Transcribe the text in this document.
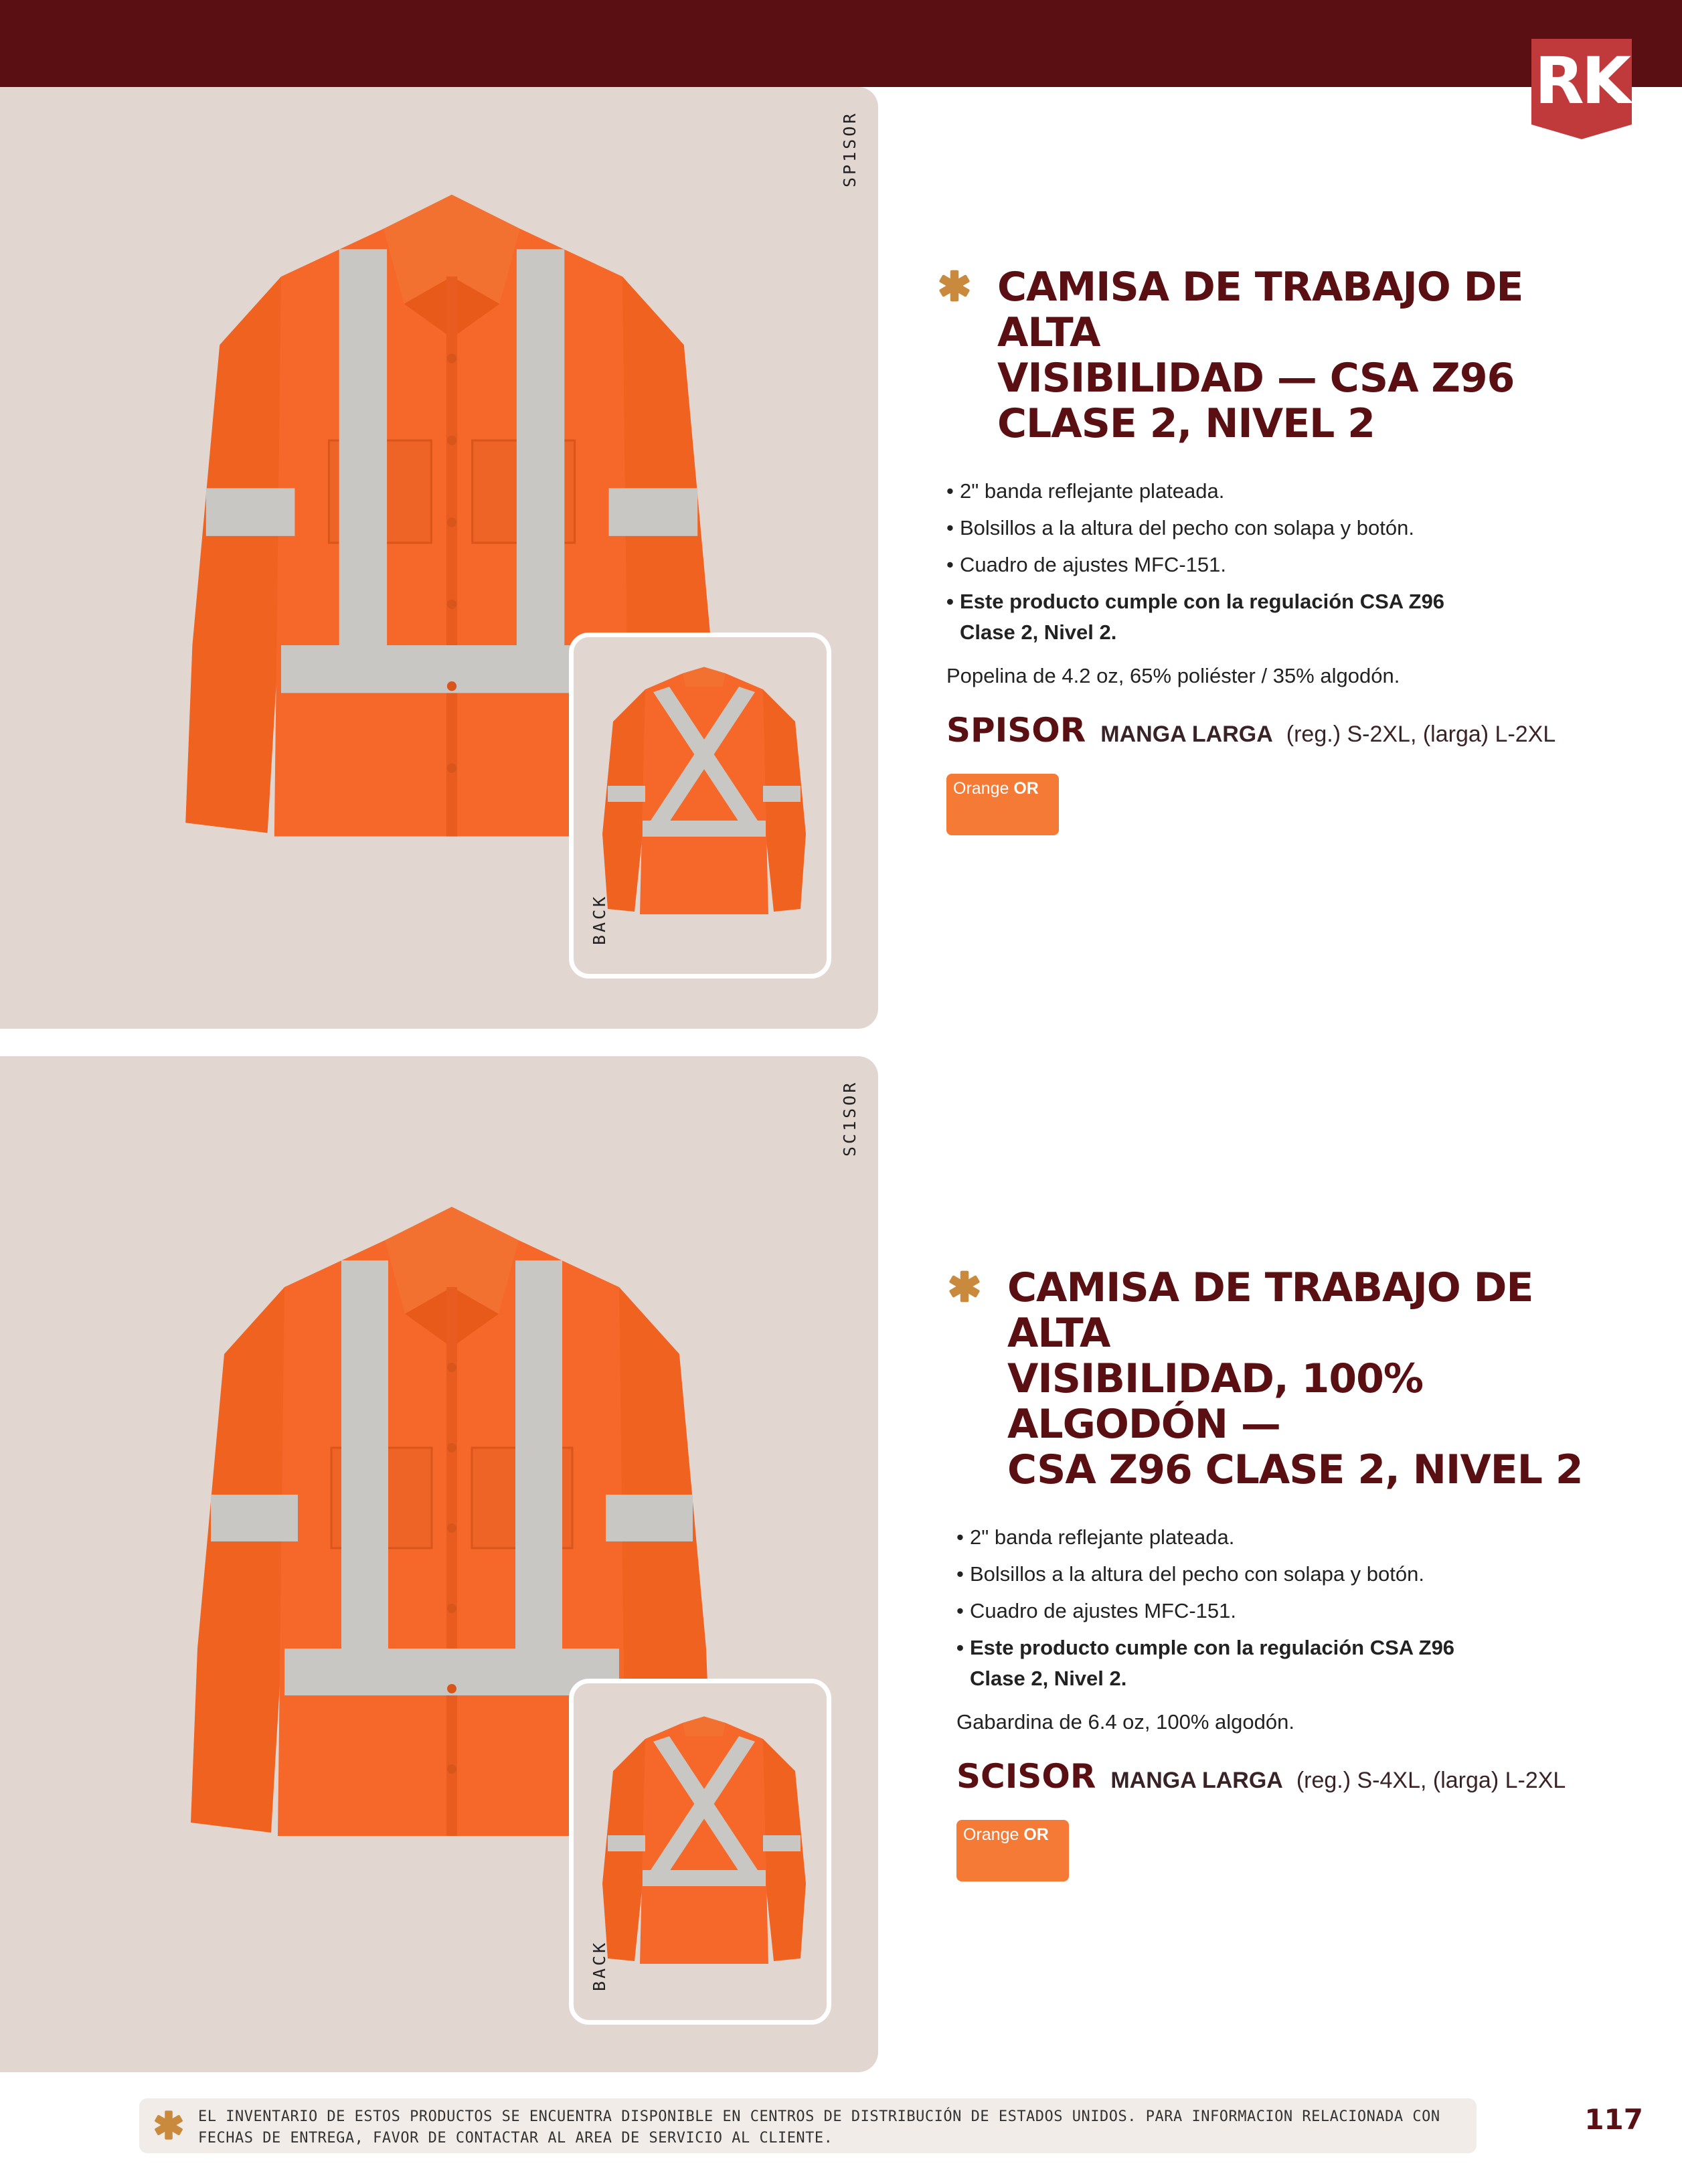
RK
SP1SOR
BACK
CAMISA DE TRABAJO DE ALTA
VISIBILIDAD — CSA Z96
CLASE 2, NIVEL 2
• 2" banda reflejante plateada.
• Bolsillos a la altura del pecho con solapa y botón.
• Cuadro de ajustes MFC-151.
• Este producto cumple con la regulación CSA Z96
Clase 2, Nivel 2.
Popelina de 4.2 oz, 65% poliéster / 35% algodón.
SPISOR MANGA LARGA (reg.) S-2XL, (larga) L-2XL
Orange OR
SC1SOR
BACK
CAMISA DE TRABAJO DE ALTA
VISIBILIDAD, 100% ALGODÓN —
CSA Z96 CLASE 2, NIVEL 2
• 2" banda reflejante plateada.
• Bolsillos a la altura del pecho con solapa y botón.
• Cuadro de ajustes MFC-151.
• Este producto cumple con la regulación CSA Z96
Clase 2, Nivel 2.
Gabardina de 6.4 oz, 100% algodón.
SCISOR MANGA LARGA (reg.) S-4XL, (larga) L-2XL
Orange OR
EL INVENTARIO DE ESTOS PRODUCTOS SE ENCUENTRA DISPONIBLE EN CENTROS DE DISTRIBUCIÓN DE ESTADOS UNIDOS. PARA INFORMACION RELACIONADA CON
FECHAS DE ENTREGA, FAVOR DE CONTACTAR AL AREA DE SERVICIO AL CLIENTE.
117
